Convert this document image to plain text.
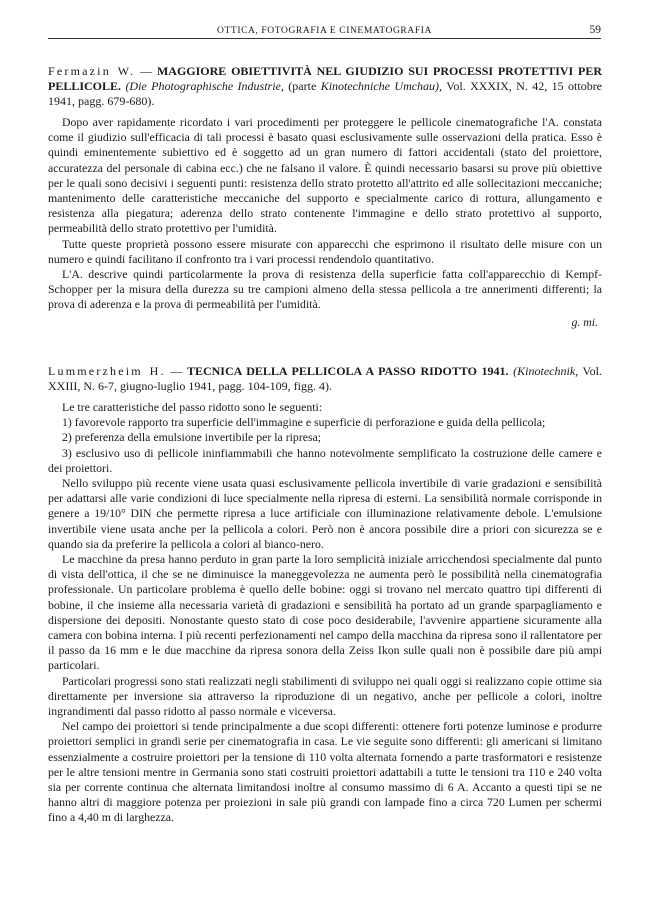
OTTICA, FOTOGRAFIA E CINEMATOGRAFIA	59
Fermazin W. — MAGGIORE OBIETTIVITÀ NEL GIUDIZIO SUI PROCESSI PROTETTIVI PER PELLICOLE. (Die Photographische Industrie, (parte Kinotechniche Umchau), Vol. XXXIX, N. 42, 15 ottobre 1941, pagg. 679-680).

Dopo aver rapidamente ricordato i vari procedimenti per proteggere le pellicole cinematografiche l'A. constata come il giudizio sull'efficacia di tali processi è basato quasi esclusivamente sulle osservazioni della pratica. Esso è quindi eminentemente subiettivo ed è soggetto ad un gran numero di fattori accidentali (stato del proiettore, accuratezza del personale di cabina ecc.) che ne falsano il valore. È quindi necessario basarsi su prove più obiettive per le quali sono decisivi i seguenti punti: resistenza dello strato protetto all'attrito ed alle sollecitazioni meccaniche; mantenimento delle caratteristiche meccaniche del supporto e specialmente carico di rottura, allungamento e resistenza alla piegatura; aderenza dello strato contenente l'immagine e dello strato protettivo al supporto, permeabilità dello strato protettivo per l'umidità.

Tutte queste proprietà possono essere misurate con apparecchi che esprimono il risultato delle misure con un numero e quindi facilitano il confronto tra i vari processi rendendolo quantitativo.

L'A. descrive quindi particolarmente la prova di resistenza della superficie fatta coll'apparecchio di Kempf-Schopper per la misura della durezza su tre campioni almeno della stessa pellicola a tre annerimenti differenti; la prova di aderenza e la prova di permeabilità per l'umidità.

g. mi.
Lummerzheim H. — TECNICA DELLA PELLICOLA A PASSO RIDOTTO 1941. (Kinotechnik, Vol. XXIII, N. 6-7, giugno-luglio 1941, pagg. 104-109, figg. 4).

Le tre caratteristiche del passo ridotto sono le seguenti:

1) favorevole rapporto tra superficie dell'immagine e superficie di perforazione e guida della pellicola;

2) preferenza della emulsione invertibile per la ripresa;

3) esclusivo uso di pellicole ininfiammabili che hanno notevolmente semplificato la costruzione delle camere e dei proiettori.

Nello sviluppo più recente viene usata quasi esclusivamente pellicola invertibile di varie gradazioni e sensibilità per adattarsi alle varie condizioni di luce specialmente nella ripresa di esterni. La sensibilità normale corrisponde in genere a 19/10° DIN che permette ripresa a luce artificiale con illuminazione relativamente debole. L'emulsione invertibile viene usata anche per la pellicola a colori. Però non è ancora possibile dire a priori con sicurezza se e quando sia da preferire la pellicola a colori al bianco-nero.

Le macchine da presa hanno perduto in gran parte la loro semplicità iniziale arricchendosi specialmente dal punto di vista dell'ottica, il che se ne diminuisce la maneggevolezza ne aumenta però le possibilità nella cinematografia professionale. Un particolare problema è quello delle bobine: oggi si trovano nel mercato quattro tipi differenti di bobine, il che insieme alla necessaria varietà di gradazioni e sensibilità ha portato ad un grande sparpagliamento e dispersione dei depositi. Nonostante questo stato di cose poco desiderabile, l'avvenire appartiene sicuramente alla camera con bobina interna. I più recenti perfezionamenti nel campo della macchina da ripresa sono il rallentatore per il passo da 16 mm e le due macchine da ripresa sonora della Zeiss Ikon sulle quali non è possibile dare più ampi particolari.

Particolari progressi sono stati realizzati negli stabilimenti di sviluppo nei quali oggi si realizzano copie ottime sia direttamente per inversione sia attraverso la riproduzione di un negativo, anche per pellicole a colori, inoltre ingrandimenti dal passo ridotto al passo normale e viceversa.

Nel campo dei proiettori si tende principalmente a due scopi differenti: ottenere forti potenze luminose e produrre proiettori semplici in grandi serie per cinematografia in casa. Le vie seguite sono differenti: gli americani si limitano essenzialmente a costruire proiettori per la tensione di 110 volta alternata fornendo a parte trasformatori e resistenze per le altre tensioni mentre in Germania sono stati costruiti proiettori adattabili a tutte le tensioni tra 110 e 240 volta sia per corrente continua che alternata limitandosi inoltre al consumo massimo di 6 A. Accanto a questi tipi se ne hanno altri di maggiore potenza per proiezioni in sale più grandi con lampade fino a circa 720 Lumen per schermi fino a 4,40 m di larghezza.
